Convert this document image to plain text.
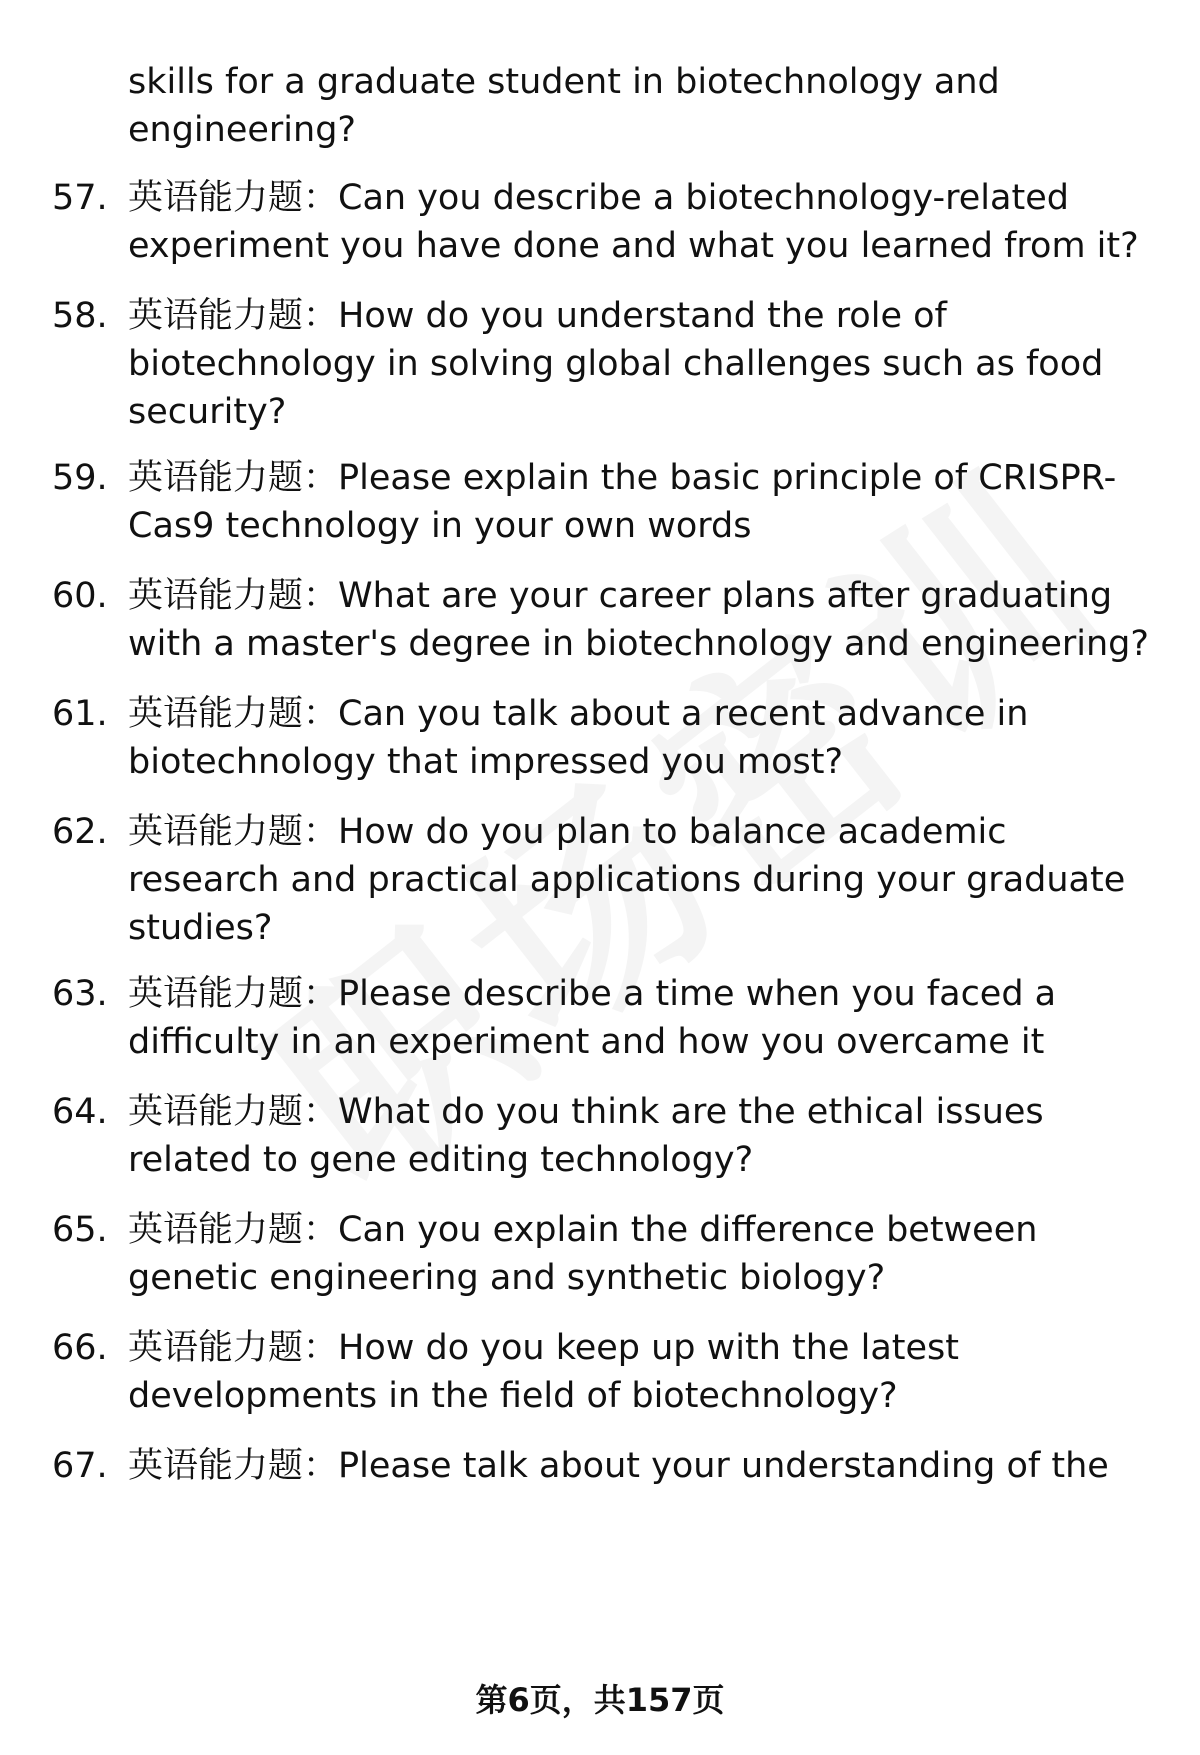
skills for a graduate student in biotechnology and engineering?
57. 英语能力题：Can you describe a biotechnology-related experiment you have done and what you learned from it?
58. 英语能力题：How do you understand the role of biotechnology in solving global challenges such as food security?
59. 英语能力题：Please explain the basic principle of CRISPR-Cas9 technology in your own words
60. 英语能力题：What are your career plans after graduating with a master's degree in biotechnology and engineering?
61. 英语能力题：Can you talk about a recent advance in biotechnology that impressed you most?
62. 英语能力题：How do you plan to balance academic research and practical applications during your graduate studies?
63. 英语能力题：Please describe a time when you faced a difficulty in an experiment and how you overcame it
64. 英语能力题：What do you think are the ethical issues related to gene editing technology?
65. 英语能力题：Can you explain the difference between genetic engineering and synthetic biology?
66. 英语能力题：How do you keep up with the latest developments in the field of biotechnology?
67. 英语能力题：Please talk about your understanding of the
第6页，共157页
